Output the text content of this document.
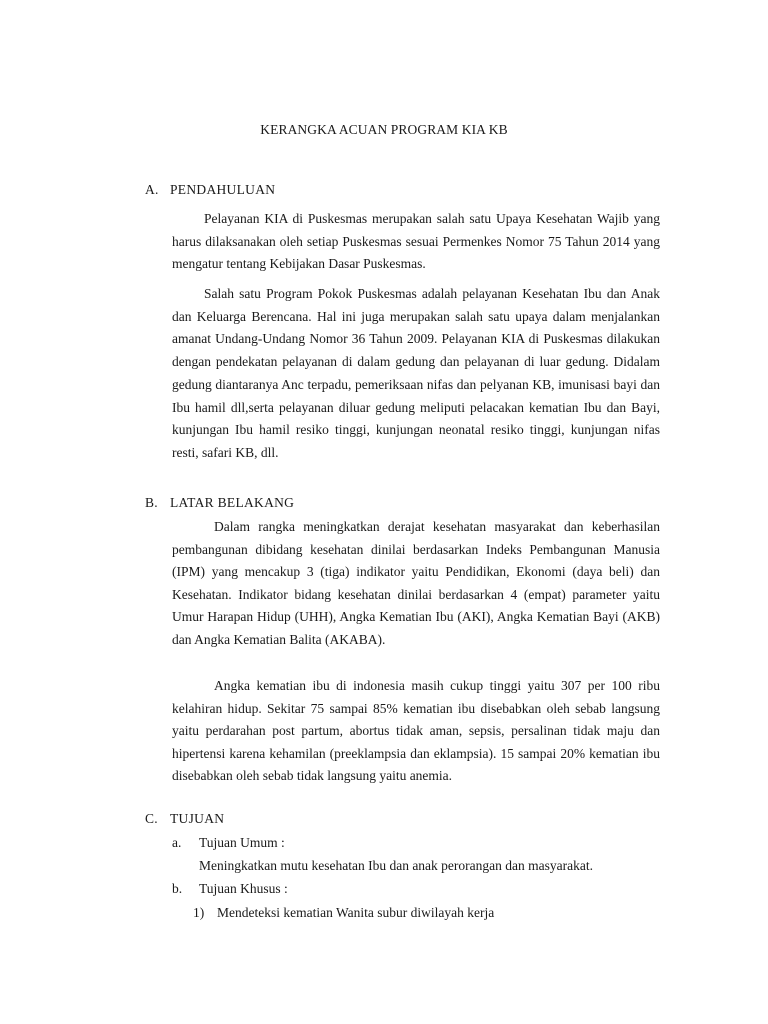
KERANGKA ACUAN PROGRAM KIA KB
A. PENDAHULUAN

Pelayanan KIA di Puskesmas merupakan salah satu Upaya Kesehatan Wajib yang harus dilaksanakan oleh setiap Puskesmas sesuai Permenkes Nomor 75 Tahun 2014 yang mengatur tentang Kebijakan Dasar Puskesmas.

Salah satu Program Pokok Puskesmas adalah pelayanan Kesehatan Ibu dan Anak dan Keluarga Berencana. Hal ini juga merupakan salah satu upaya dalam menjalankan amanat Undang-Undang Nomor 36 Tahun 2009. Pelayanan KIA di Puskesmas dilakukan dengan pendekatan pelayanan di dalam gedung dan pelayanan di luar gedung. Didalam gedung diantaranya Anc terpadu, pemeriksaan nifas dan pelyanan KB, imunisasi bayi dan Ibu hamil dll,serta pelayanan diluar gedung meliputi pelacakan kematian Ibu dan Bayi, kunjungan Ibu hamil resiko tinggi, kunjungan neonatal resiko tinggi, kunjungan nifas resti, safari KB, dll.

B. LATAR BELAKANG

Dalam rangka meningkatkan derajat kesehatan masyarakat dan keberhasilan pembangunan dibidang kesehatan dinilai berdasarkan Indeks Pembangunan Manusia (IPM) yang mencakup 3 (tiga) indikator yaitu Pendidikan, Ekonomi (daya beli) dan Kesehatan. Indikator bidang kesehatan dinilai berdasarkan 4 (empat) parameter yaitu Umur Harapan Hidup (UHH), Angka Kematian Ibu (AKI), Angka Kematian Bayi (AKB) dan Angka Kematian Balita (AKABA).

Angka kematian ibu di indonesia masih cukup tinggi yaitu 307 per 100 ribu kelahiran hidup. Sekitar 75 sampai 85% kematian ibu disebabkan oleh sebab langsung yaitu perdarahan post partum, abortus tidak aman, sepsis, persalinan tidak maju dan hipertensi karena kehamilan (preeklampsia dan eklampsia). 15 sampai 20% kematian ibu disebabkan oleh sebab tidak langsung yaitu anemia.

C. TUJUAN
a. Tujuan Umum :
Meningkatkan mutu kesehatan Ibu dan anak perorangan dan masyarakat.
b. Tujuan Khusus :
1) Mendeteksi kematian Wanita subur diwilayah kerja
